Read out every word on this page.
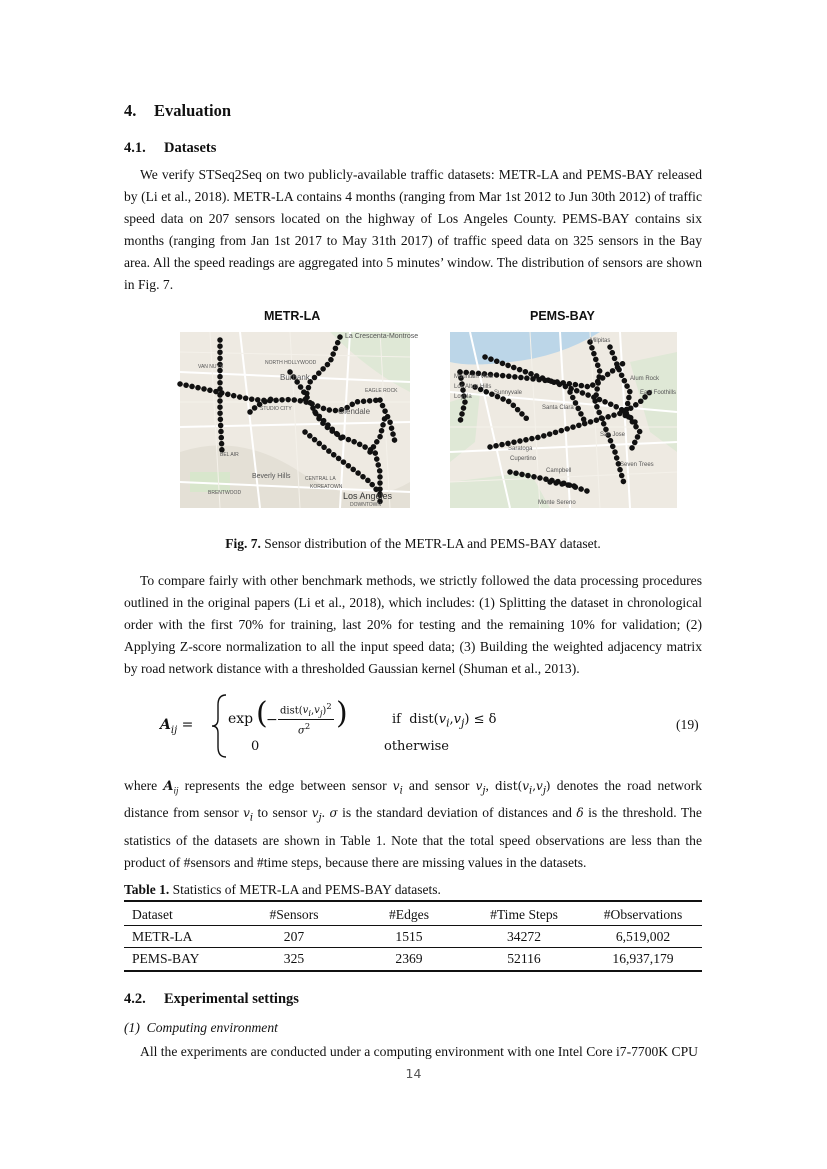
4. Evaluation
4.1. Datasets
We verify STSeq2Seq on two publicly-available traffic datasets: METR-LA and PEMS-BAY released by (Li et al., 2018). METR-LA contains 4 months (ranging from Mar 1st 2012 to Jun 30th 2012) of traffic speed data on 207 sensors located on the highway of Los Angeles County. PEMS-BAY contains six months (ranging from Jan 1st 2017 to May 31th 2017) of traffic speed data on 325 sensors in the Bay area. All the speed readings are aggregated into 5 minutes’ window. The distribution of sensors are shown in Fig. 7.
METR-LA	PEMS-BAY
La Crescenta-Montrose
Burbank
Glendale
Beverly Hills
Los Angeles
NORTH HOLLYWOOD
VAN NUYS
STUDIO CITY
CENTRAL LA
KOREATOWN
BRENTWOOD
BEL AIR
EAGLE ROCK
DOWNTOWN
Milpitas
Mountain View
Sunnyvale
Loyola
Los Altos Hills
Santa Clara
Alum Rock
East Foothills
Cupertino
San Jose
Saratoga
Seven Trees
Monte Sereno
Campbell
Fig. 7. Sensor distribution of the METR-LA and PEMS-BAY dataset.
To compare fairly with other benchmark methods, we strictly followed the data processing procedures outlined in the original papers (Li et al., 2018), which includes: (1) Splitting the dataset in chronological order with the first 70% for training, last 20% for testing and the remaining 10% for validation; (2) Applying Z-score normalization to all the input speed data; (3) Building the weighted adjacency matrix by road network distance with a thresholded Gaussian kernel (Shuman et al., 2013).
$A_{ij} = \exp$ (
−
$dist(v_i,v_j)^2$
$\sigma^2$ )	if $dist(v_i,v_j) \le \delta$
0	otherwise
(19)
where $A_{ij}$ represents the edge between sensor $v_i$ and sensor $v_j$, $dist(v_i,v_j)$ denotes the road network distance from sensor $v_i$ to sensor $v_j$. σ is the standard deviation of distances and δ is the threshold. The statistics of the datasets are shown in Table 1. Note that the total speed observations are less than the product of #sensors and #time steps, because there are missing values in the datasets.
Table 1. Statistics of METR-LA and PEMS-BAY datasets.
Dataset	#Sensors	#Edges	#Time Steps	#Observations
METR-LA	207	1515	34272	6,519,002
PEMS-BAY	325	2369	52116	16,937,179
4.2. Experimental settings
(1)  Computing environment
All the experiments are conducted under a computing environment with one Intel Core i7-7700K CPU
14
